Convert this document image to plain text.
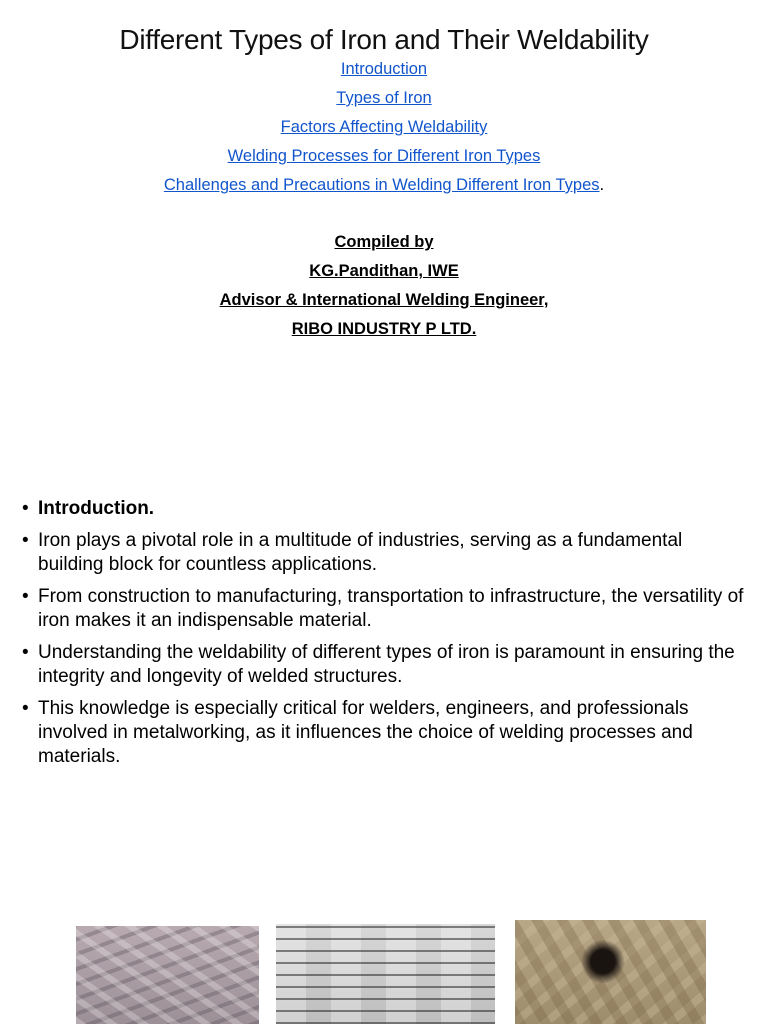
Different Types of Iron and Their Weldability
Introduction
Types of Iron
Factors Affecting Weldability
Welding Processes for Different Iron Types
Challenges and Precautions in Welding Different Iron Types.
Compiled by
KG.Pandithan, IWE
Advisor & International Welding Engineer,
RIBO INDUSTRY P LTD.
• Introduction.
• Iron plays a pivotal role in a multitude of industries, serving as a fundamental building block for countless applications.
• From construction to manufacturing, transportation to infrastructure, the versatility of iron makes it an indispensable material.
• Understanding the weldability of different types of iron is paramount in ensuring the integrity and longevity of welded structures.
• This knowledge is especially critical for welders, engineers, and professionals involved in metalworking, as it influences the choice of welding processes and materials.
